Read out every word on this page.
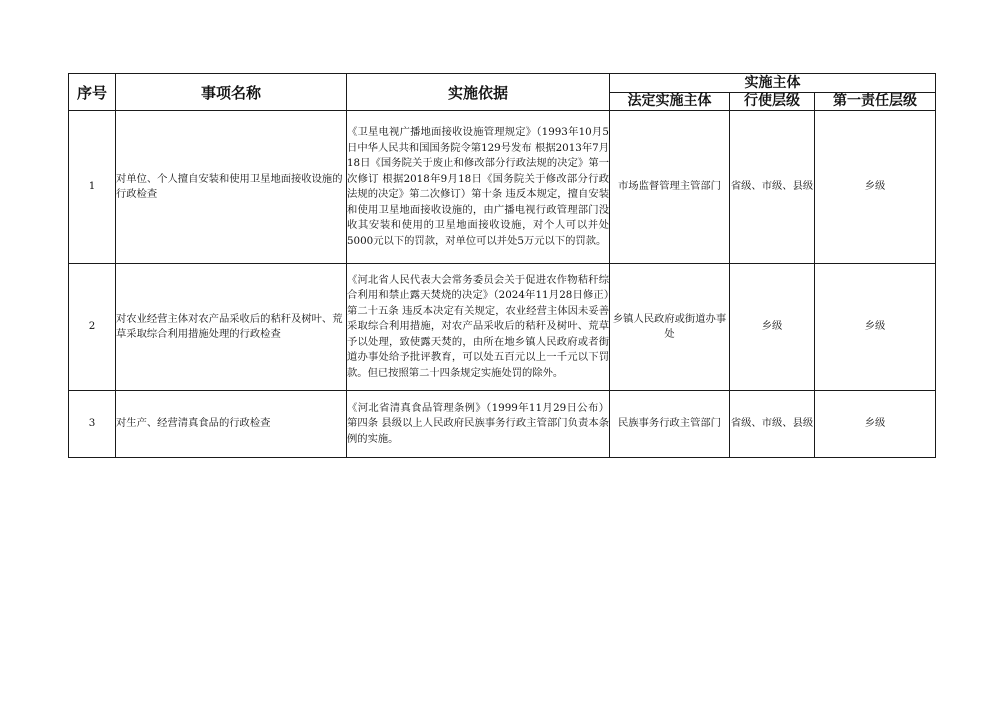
序号	事项名称	实施依据	实施主体		
			法定实施主体	行使层级	第一责任层级
1	对单位、个人擅自安装和使用卫星地面接收设施的行政检查	《卫星电视广播地面接收设施管理规定》（1993年10月5日中华人民共和国国务院令第129号发布 根据2013年7月18日《国务院关于废止和修改部分行政法规的决定》第一次修订 根据2018年9月18日《国务院关于修改部分行政法规的决定》第二次修订）第十条 违反本规定，擅自安装和使用卫星地面接收设施的，由广播电视行政管理部门没收其安装和使用的卫星地面接收设施，对个人可以并处5000元以下的罚款，对单位可以并处5万元以下的罚款。	市场监督管理主管部门	省级、市级、县级	乡级
2	对农业经营主体对农产品采收后的秸秆及树叶、荒草采取综合利用措施处理的行政检查	《河北省人民代表大会常务委员会关于促进农作物秸秆综合利用和禁止露天焚烧的决定》（2024年11月28日修正）第二十五条 违反本决定有关规定，农业经营主体因未妥善采取综合利用措施，对农产品采收后的秸秆及树叶、荒草予以处理，致使露天焚的，由所在地乡镇人民政府或者街道办事处给予批评教育，可以处五百元以上一千元以下罚款。但已按照第二十四条规定实施处罚的除外。	乡镇人民政府或街道办事处	乡级	乡级
3	对生产、经营清真食品的行政检查	《河北省清真食品管理条例》（1999年11月29日公布）第四条 县级以上人民政府民族事务行政主管部门负责本条例的实施。	民族事务行政主管部门	省级、市级、县级	乡级
